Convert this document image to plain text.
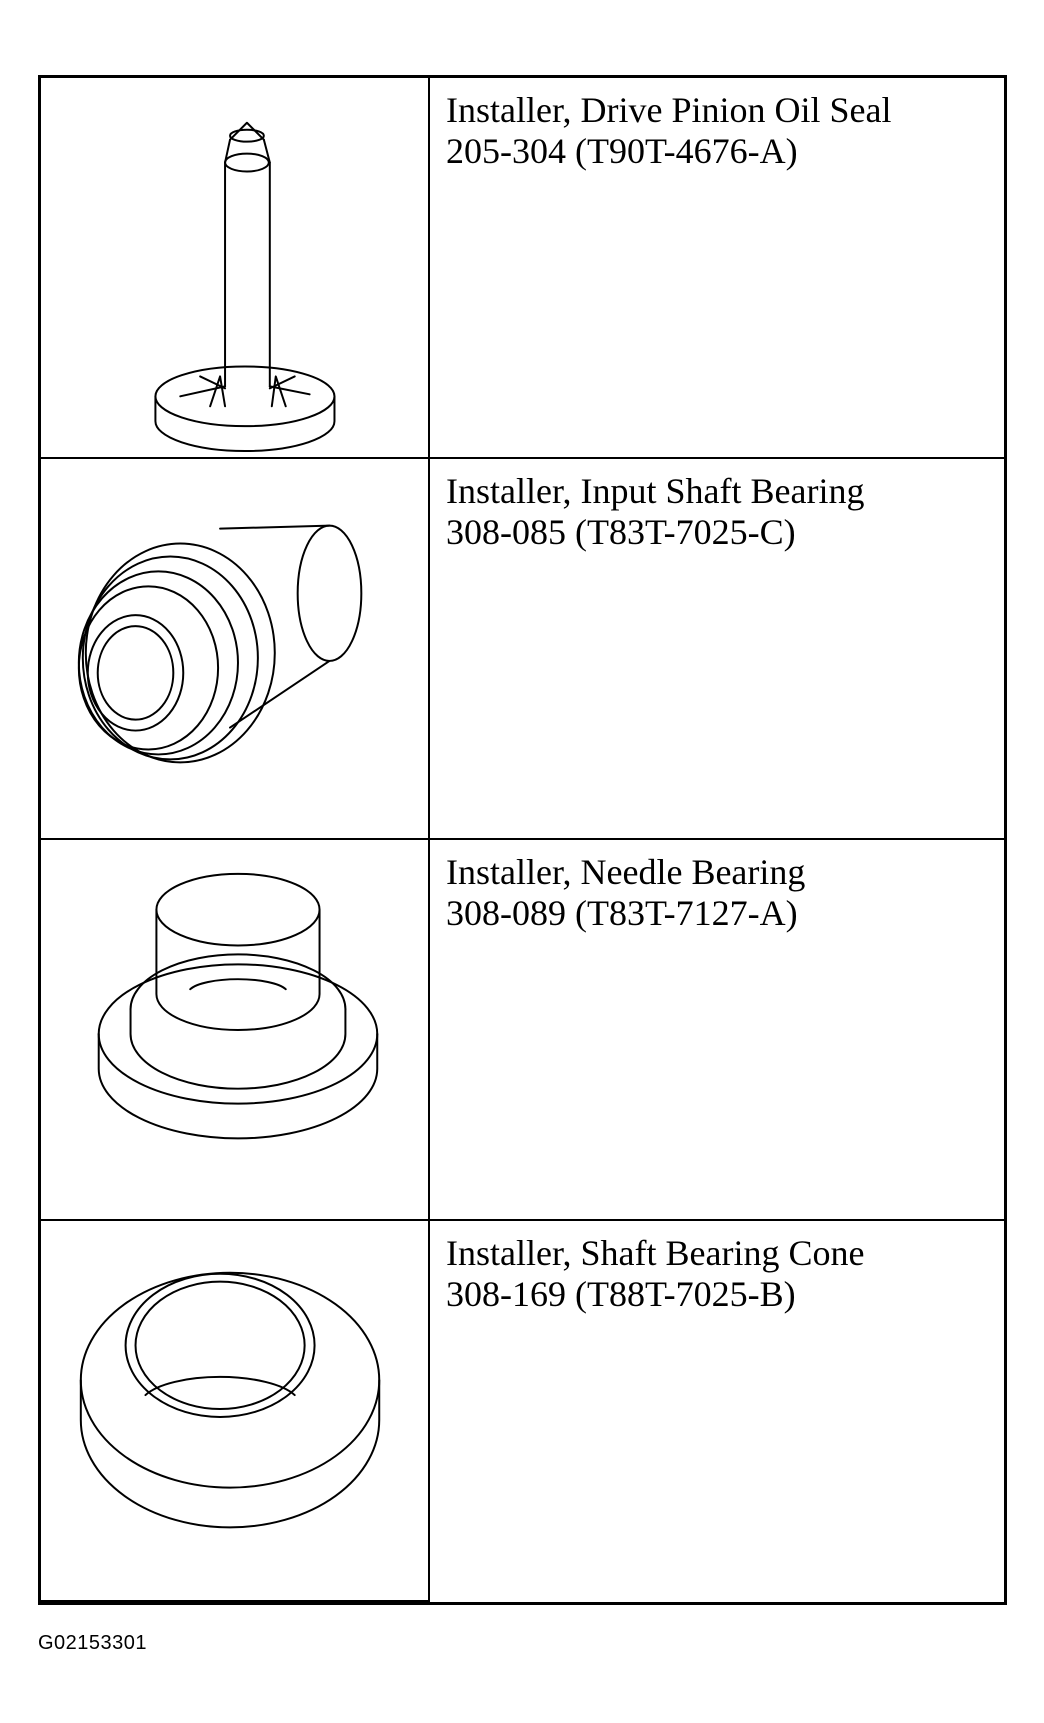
Installer, Drive Pinion Oil Seal
205-304 (T90T-4676-A)
Installer, Input Shaft Bearing
308-085 (T83T-7025-C)
Installer, Needle Bearing
308-089 (T83T-7127-A)
Installer, Shaft Bearing Cone
308-169 (T88T-7025-B)
G02153301
